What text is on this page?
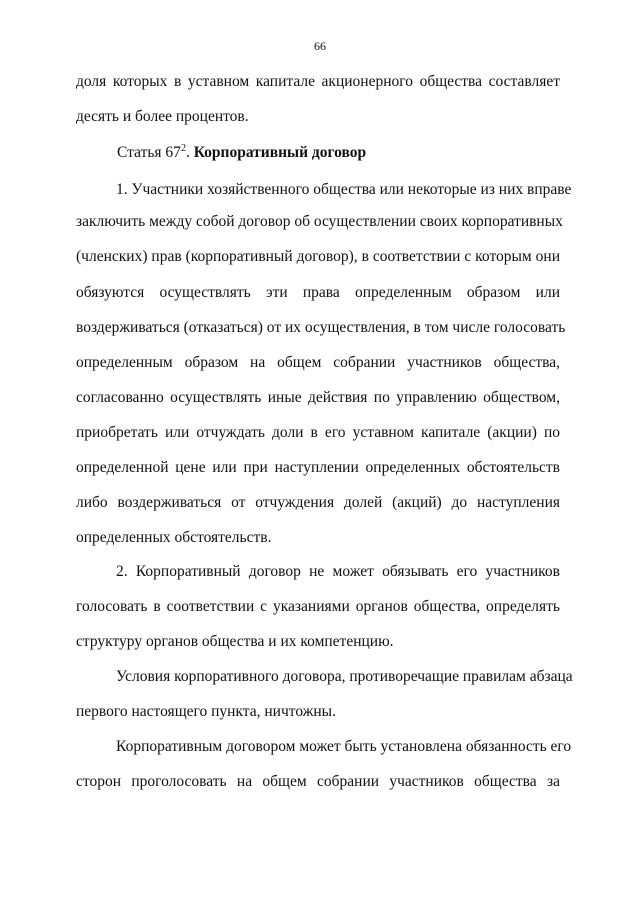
66
доля которых в уставном капитале акционерного общества составляет
десять и более процентов.
Статья $67^2$. Корпоративный договор
1. Участники хозяйственного общества или некоторые из них вправе
заключить между собой договор об осуществлении своих корпоративных
(членских) прав (корпоративный договор), в соответствии с которым они
обязуются осуществлять эти права определенным образом или
воздерживаться (отказаться) от их осуществления, в том числе голосовать
определенным образом на общем собрании участников общества,
согласованно осуществлять иные действия по управлению обществом,
приобретать или отчуждать доли в его уставном капитале (акции) по
определенной цене или при наступлении определенных обстоятельств
либо воздерживаться от отчуждения долей (акций) до наступления
определенных обстоятельств.
2. Корпоративный договор не может обязывать его участников
голосовать в соответствии с указаниями органов общества, определять
структуру органов общества и их компетенцию.
Условия корпоративного договора, противоречащие правилам абзаца
первого настоящего пункта, ничтожны.
Корпоративным договором может быть установлена обязанность его
сторон проголосовать на общем собрании участников общества за
